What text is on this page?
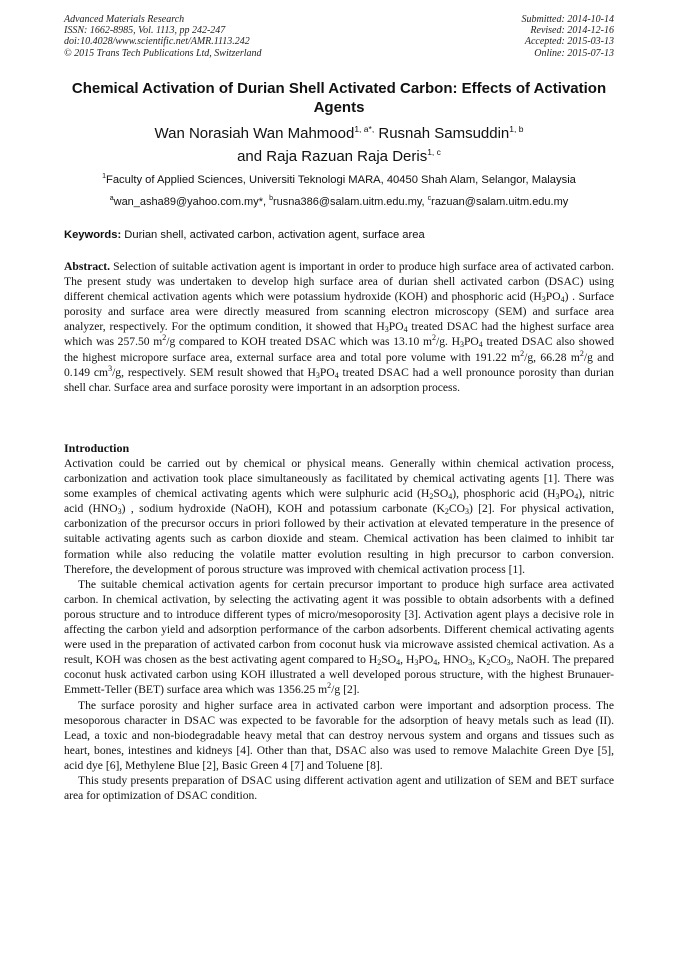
Advanced Materials Research
ISSN: 1662-8985, Vol. 1113, pp 242-247
doi:10.4028/www.scientific.net/AMR.1113.242
© 2015 Trans Tech Publications Ltd, Switzerland
Submitted: 2014-10-14
Revised: 2014-12-16
Accepted: 2015-03-13
Online: 2015-07-13
Chemical Activation of Durian Shell Activated Carbon: Effects of Activation Agents
Wan Norasiah Wan Mahmood$^{1, a*,}$ Rusnah Samsuddin$^{1, b}$
and Raja Razuan Raja Deris$^{1, c}$
$^1$Faculty of Applied Sciences, Universiti Teknologi MARA, 40450 Shah Alam, Selangor, Malaysia
$^a$wan_asha89@yahoo.com.my*, $^b$rusna386@salam.uitm.edu.my, $^c$razuan@salam.uitm.edu.my
Keywords: Durian shell, activated carbon, activation agent, surface area

Abstract. Selection of suitable activation agent is important in order to produce high surface area of activated carbon. The present study was undertaken to develop high surface area of durian shell activated carbon (DSAC) using different chemical activation agents which were potassium hydroxide (KOH) and phosphoric acid $(H_3PO_4)$ . Surface porosity and surface area were directly measured from scanning electron microscopy (SEM) and surface area analyzer, respectively. For the optimum condition, it showed that $H_3PO_4$ treated DSAC had the highest surface area which was 257.50 $m^2/g$ compared to KOH treated DSAC which was 13.10 $m^2/g$. $H_3PO_4$ treated DSAC also showed the highest micropore surface area, external surface area and total pore volume with 191.22 $m^2/g$, 66.28 $m^2/g$ and 0.149 $cm^3/g$, respectively. SEM result showed that $H_3PO_4$ treated DSAC had a well pronounce porosity than durian shell char. Surface area and surface porosity were important in an adsorption process.

Introduction

Activation could be carried out by chemical or physical means. Generally within chemical activation process, carbonization and activation took place simultaneously as facilitated by chemical activating agents [1]. There was some examples of chemical activating agents which were sulphuric acid $(H_2SO_4)$, phosphoric acid $(H_3PO_4)$, nitric acid $(HNO_3)$ , sodium hydroxide (NaOH), KOH and potassium carbonate $(K_2CO_3)$ [2]. For physical activation, carbonization of the precursor occurs in priori followed by their activation at elevated temperature in the presence of suitable activating agents such as carbon dioxide and steam. Chemical activation has been claimed to inhibit tar formation while also reducing the volatile matter evolution resulting in high precursor to carbon conversion. Therefore, the development of porous structure was improved with chemical activation process [1].

The suitable chemical activation agents for certain precursor important to produce high surface area activated carbon. In chemical activation, by selecting the activating agent it was possible to obtain adsorbents with a defined porous structure and to introduce different types of micro/mesoporosity [3]. Activation agent plays a decisive role in affecting the carbon yield and adsorption performance of the carbon adsorbents. Different chemical activating agents were used in the preparation of activated carbon from coconut husk via microwave assisted chemical activation. As a result, KOH was chosen as the best activating agent compared to $H_2SO_4$, $H_3PO_4$, $HNO_3$, $K_2CO_3$, NaOH. The prepared coconut husk activated carbon using KOH illustrated a well developed porous structure, with the highest Brunauer-Emmett-Teller (BET) surface area which was 1356.25 $m^2/g$ [2].

The surface porosity and higher surface area in activated carbon were important and adsorption process. The mesoporous character in DSAC was expected to be favorable for the adsorption of heavy metals such as lead (II). Lead, a toxic and non-biodegradable heavy metal that can destroy nervous system and organs and tissues such as heart, bones, intestines and kidneys [4]. Other than that, DSAC also was used to remove Malachite Green Dye [5], acid dye [6], Methylene Blue [2], Basic Green 4 [7] and Toluene [8].

This study presents preparation of DSAC using different activation agent and utilization of SEM and BET surface area for optimization of DSAC condition.
